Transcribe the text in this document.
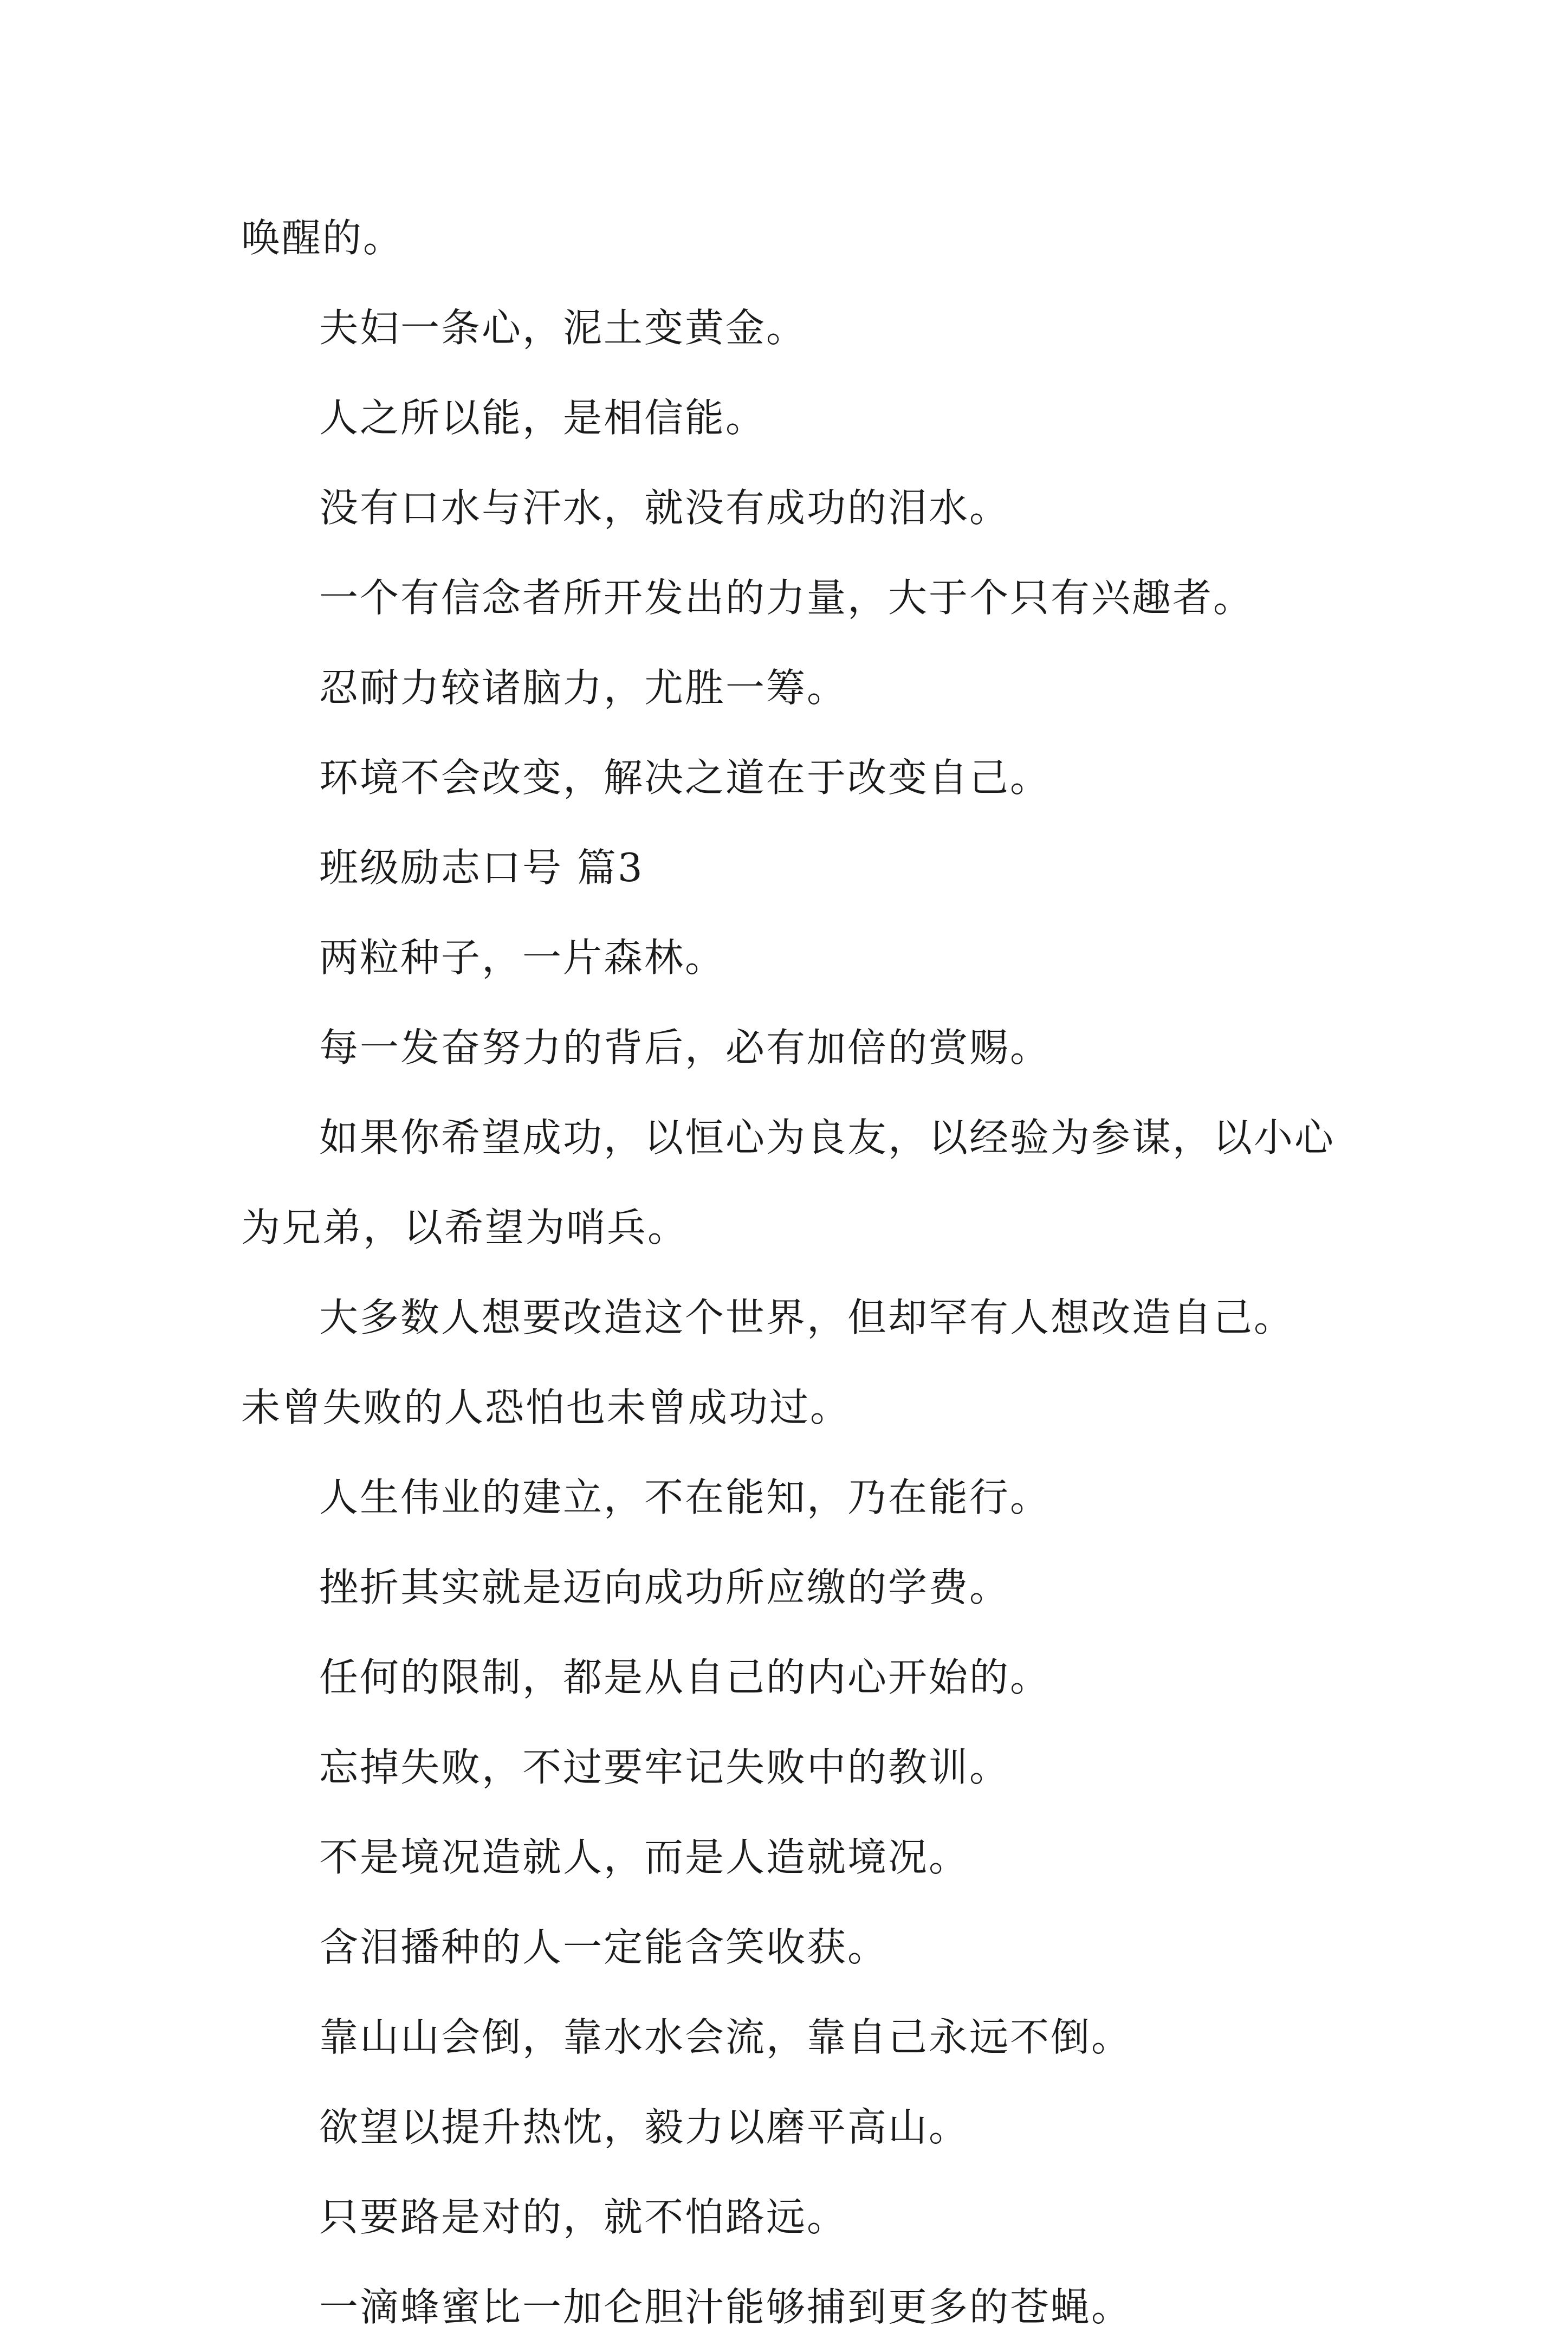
唤醒的。

夫妇一条心，泥土变黄金。

人之所以能，是相信能。

没有口水与汗水，就没有成功的泪水。

一个有信念者所开发出的力量，大于个只有兴趣者。

忍耐力较诸脑力，尤胜一筹。

环境不会改变，解决之道在于改变自己。

班级励志口号 篇3

两粒种子，一片森林。

每一发奋努力的背后，必有加倍的赏赐。

如果你希望成功，以恒心为良友，以经验为参谋，以小心为兄弟，以希望为哨兵。

大多数人想要改造这个世界，但却罕有人想改造自己。

未曾失败的人恐怕也未曾成功过。

人生伟业的建立，不在能知，乃在能行。

挫折其实就是迈向成功所应缴的学费。

任何的限制，都是从自己的内心开始的。

忘掉失败，不过要牢记失败中的教训。

不是境况造就人，而是人造就境况。

含泪播种的人一定能含笑收获。

靠山山会倒，靠水水会流，靠自己永远不倒。

欲望以提升热忱，毅力以磨平高山。

只要路是对的，就不怕路远。

一滴蜂蜜比一加仑胆汁能够捕到更多的苍蝇。
